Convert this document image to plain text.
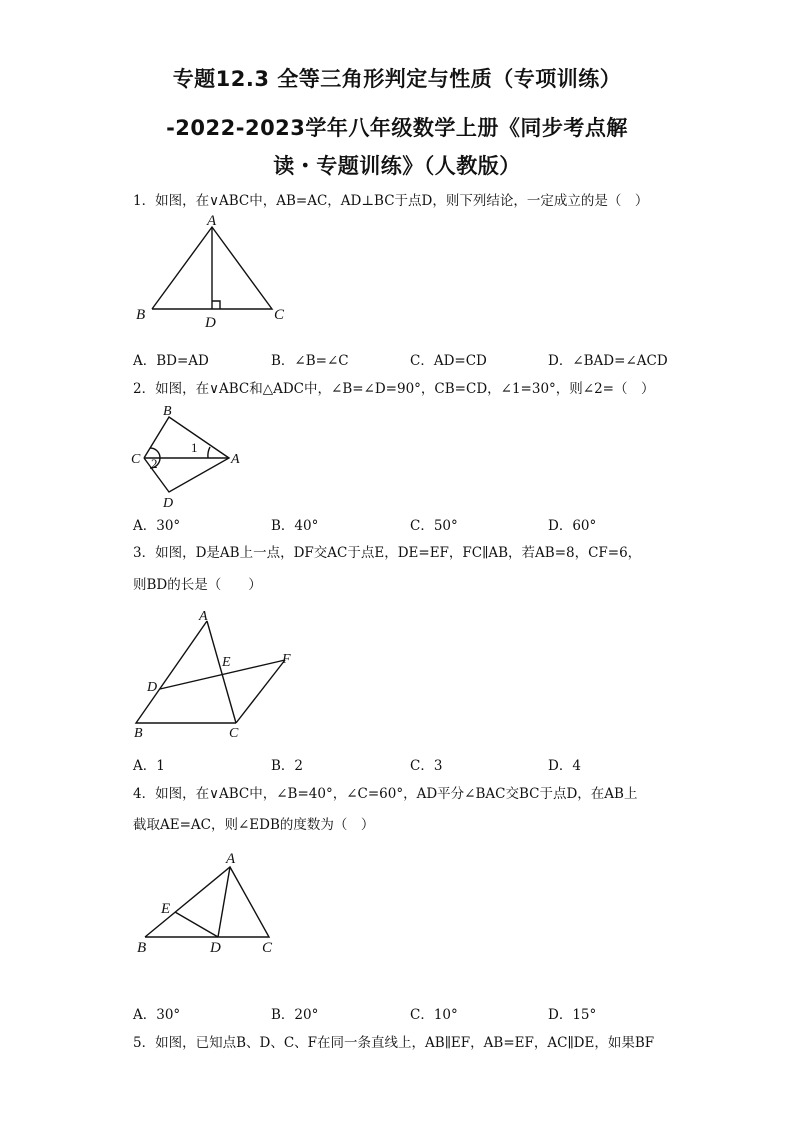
专题12.3 全等三角形判定与性质（专项训练）
-2022-2023学年八年级数学上册《同步考点解
读・专题训练》（人教版）
1．如图，在∨ABC中，AB=AC，AD⊥BC于点D，则下列结论，一定成立的是（　）
A
B	D	C
A．BD=AD	B．∠B=∠C	C．AD=CD	D．∠BAD=∠ACD
2．如图，在∨ABC和△ADC中，∠B=∠D=90°，CB=CD，∠1=30°，则∠2=（　）
B
C	A
D
1
2
A．30°	B．40°	C．50°	D．60°
3．如图，D是AB上一点，DF交AC于点E，DE=EF，FC∥AB，若AB=8，CF=6，
则BD的长是（　　）
A
E	F
D
B	C
A．1	B．2	C．3	D．4
4．如图，在∨ABC中，∠B=40°，∠C=60°，AD平分∠BAC交BC于点D，在AB上
截取AE=AC，则∠EDB的度数为（　）
A
E
B	D	C
A．30°	B．20°	C．10°	D．15°
5．如图，已知点B、D、C、F在同一条直线上，AB∥EF，AB=EF，AC∥DE，如果BF
